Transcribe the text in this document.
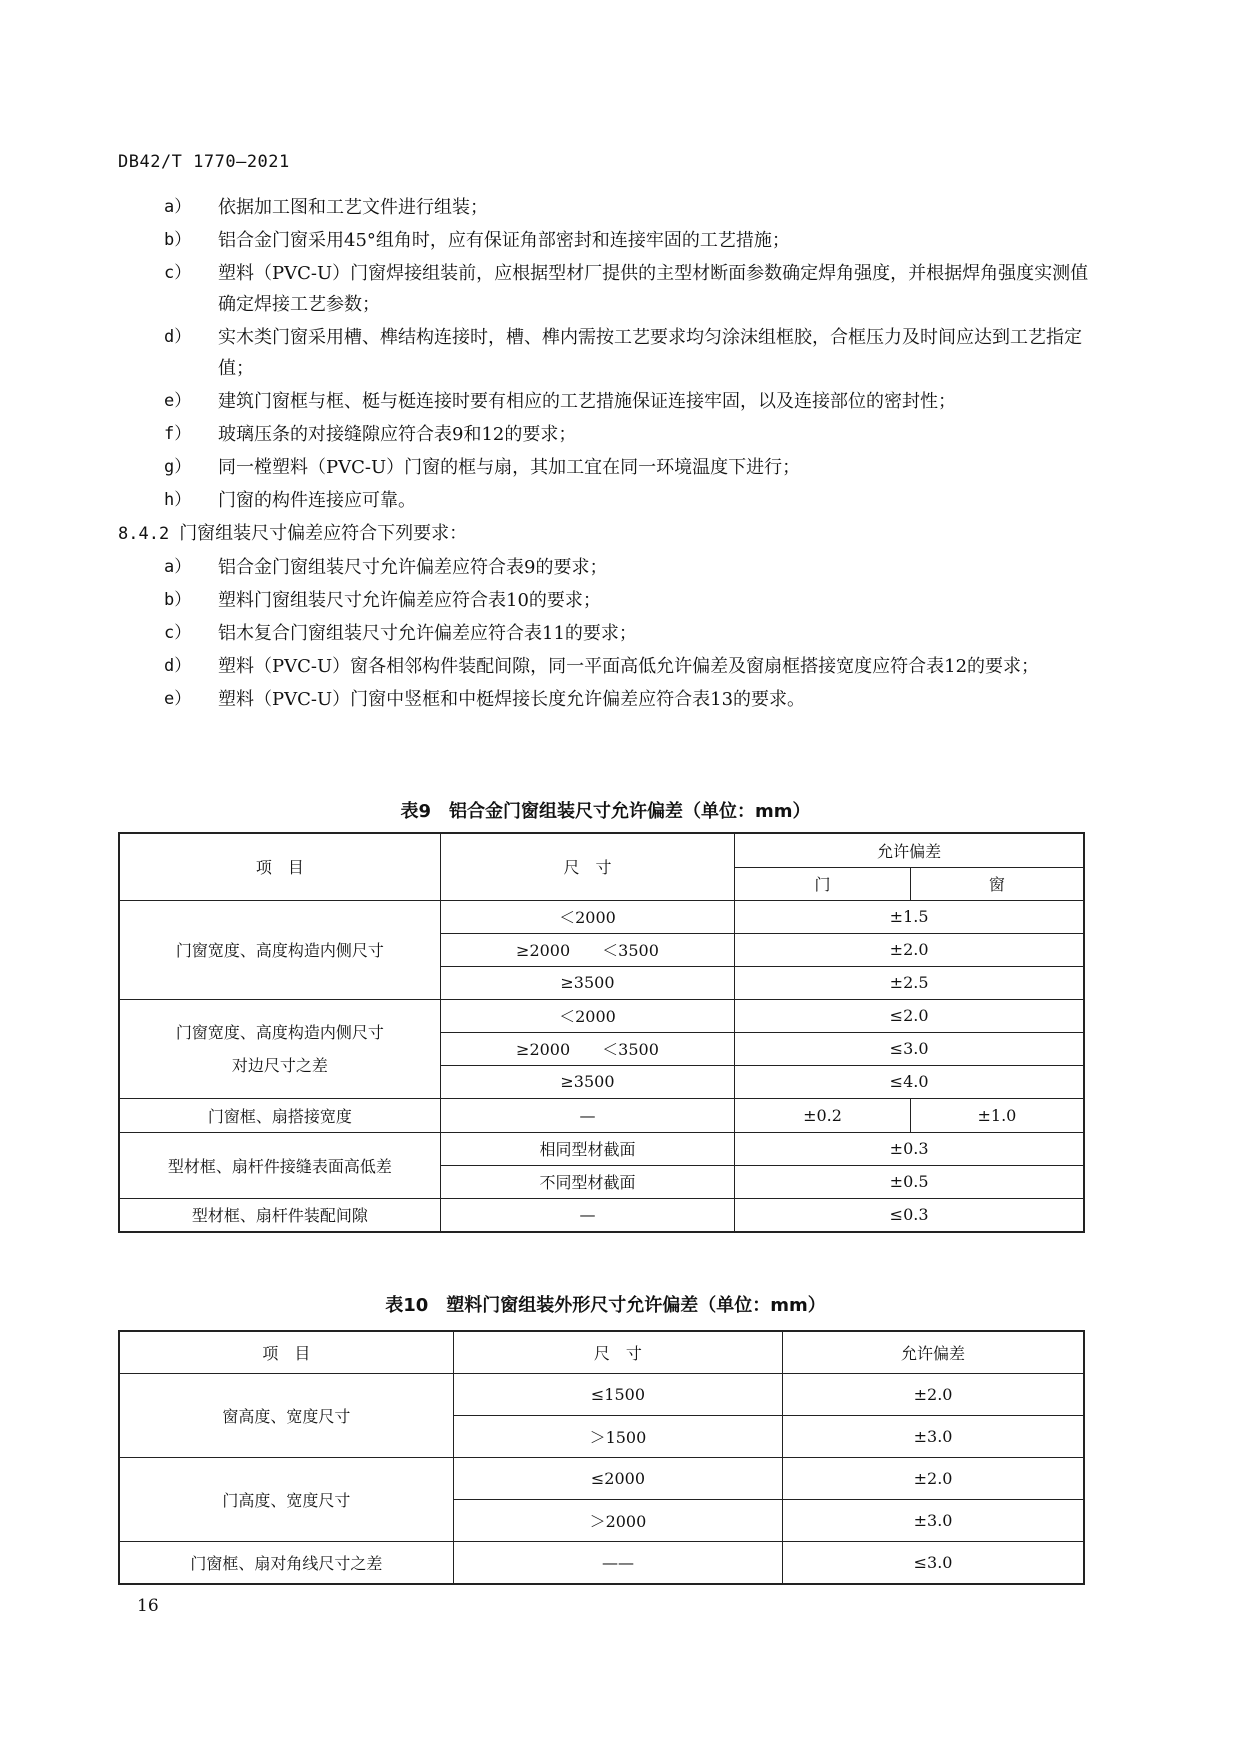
DB42/T 1770—2021
a） 依据加工图和工艺文件进行组装；
b） 铝合金门窗采用45°组角时，应有保证角部密封和连接牢固的工艺措施；
c） 塑料（PVC-U）门窗焊接组装前，应根据型材厂提供的主型材断面参数确定焊角强度，并根据焊角强度实测值确定焊接工艺参数；
d） 实木类门窗采用槽、榫结构连接时，槽、榫内需按工艺要求均匀涂沫组框胶，合框压力及时间应达到工艺指定值；
e） 建筑门窗框与框、梃与梃连接时要有相应的工艺措施保证连接牢固，以及连接部位的密封性；
f） 玻璃压条的对接缝隙应符合表9和12的要求；
g） 同一樘塑料（PVC-U）门窗的框与扇，其加工宜在同一环境温度下进行；
h） 门窗的构件连接应可靠。
8.4.2 门窗组装尺寸偏差应符合下列要求：
a） 铝合金门窗组装尺寸允许偏差应符合表9的要求；
b） 塑料门窗组装尺寸允许偏差应符合表10的要求；
c） 铝木复合门窗组装尺寸允许偏差应符合表11的要求；
d） 塑料（PVC-U）窗各相邻构件装配间隙，同一平面高低允许偏差及窗扇框搭接宽度应符合表12的要求；
e） 塑料（PVC-U）门窗中竖框和中梃焊接长度允许偏差应符合表13的要求。
表9　铝合金门窗组装尺寸允许偏差（单位：mm）
项　目	尺　寸	允许偏差	
		门	窗
门窗宽度、高度构造内侧尺寸	＜2000	±1.5	
	≥2000　　＜3500	±2.0	
	≥3500	±2.5	

门窗宽度、高度构造内侧尺寸
对边尺寸之差	＜2000	≤2.0	
	≥2000　　＜3500	≤3.0	
	≥3500	≤4.0	
门窗框、扇搭接宽度	—	±0.2	±1.0
型材框、扇杆件接缝表面高低差	相同型材截面	±0.3	
	不同型材截面	±0.5	
型材框、扇杆件装配间隙	—	≤0.3	
表10　塑料门窗组装外形尺寸允许偏差（单位：mm）
项　目	尺　寸	允许偏差
窗高度、宽度尺寸	≤1500	±2.0
	＞1500	±3.0
门高度、宽度尺寸	≤2000	±2.0
	＞2000	±3.0
门窗框、扇对角线尺寸之差	——	≤3.0
16
